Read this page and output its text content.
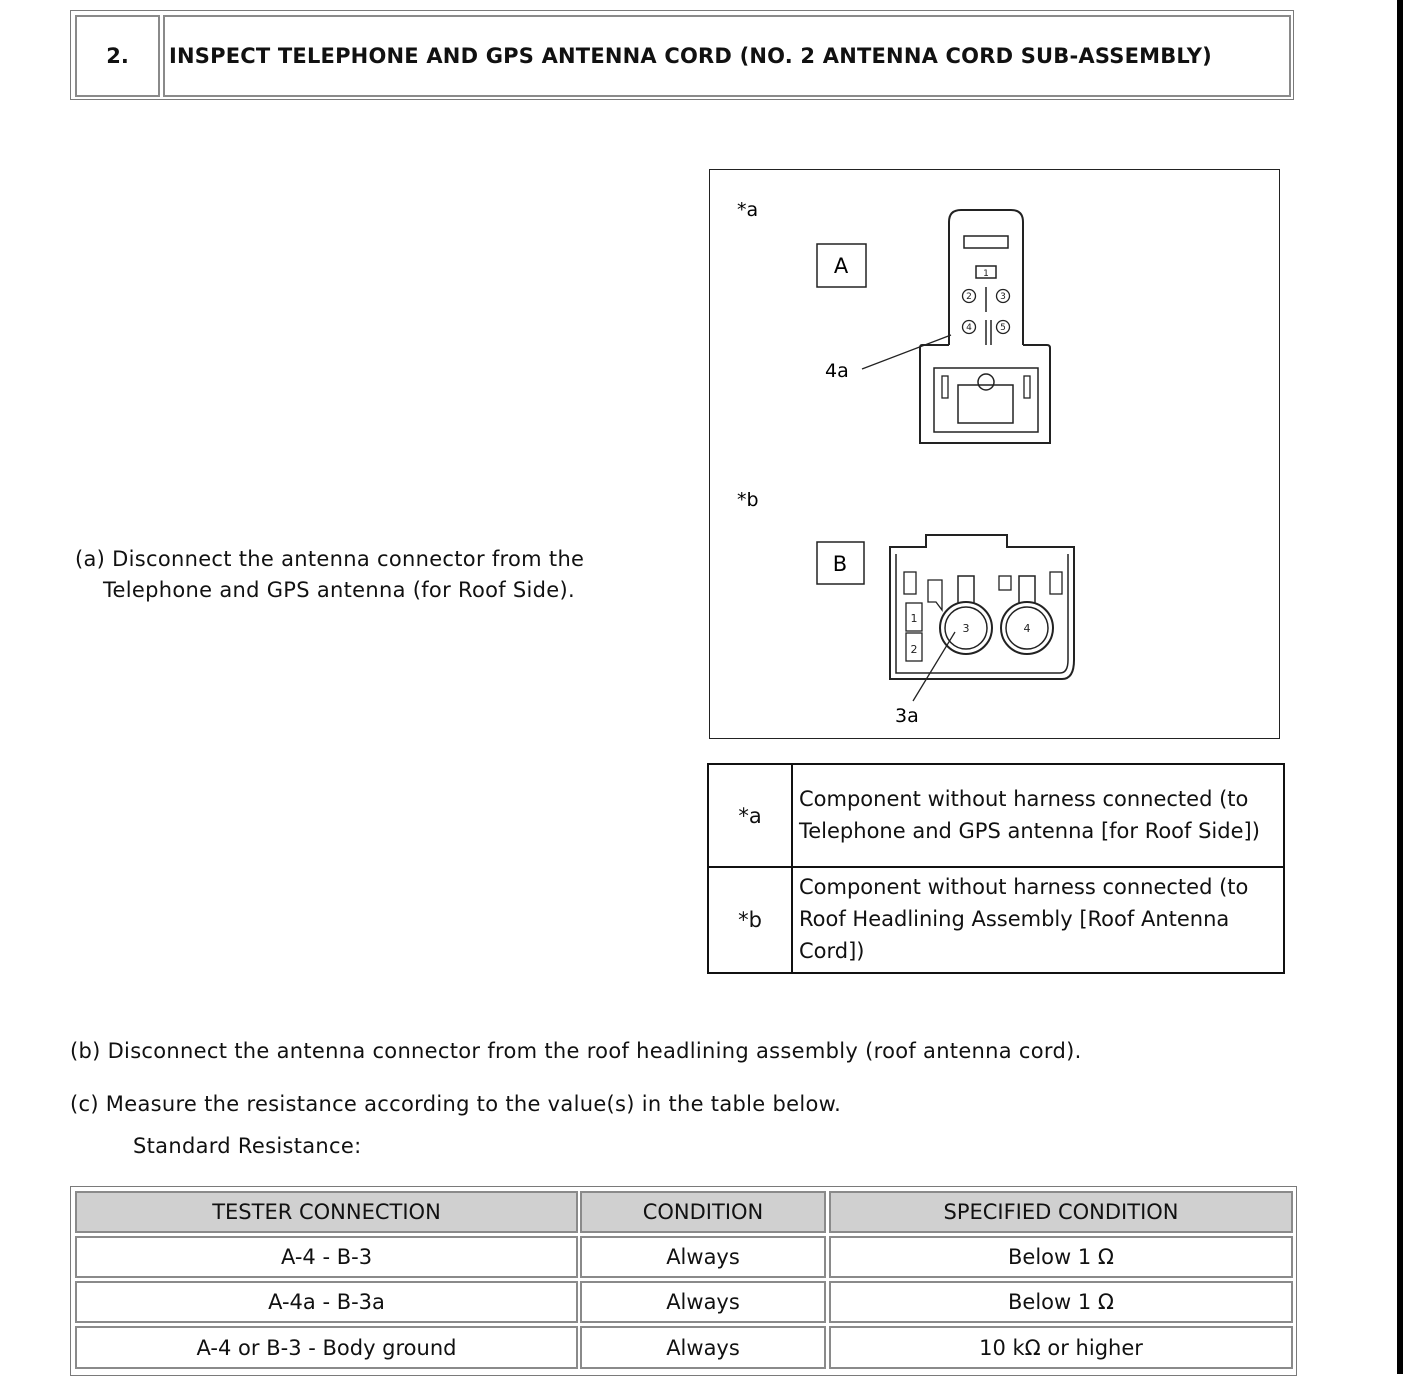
2.	INSPECT TELEPHONE AND GPS ANTENNA CORD (NO. 2 ANTENNA CORD SUB-ASSEMBLY)
(a) Disconnect the antenna connector from the
Telephone and GPS antenna (for Roof Side).
*a
*b
A	1
2	3
4	5
4a
B
1
2
3	4
3a
*a	Component without harness connected (to Telephone and GPS antenna [for Roof Side])
*b	Component without harness connected (to Roof Headlining Assembly [Roof Antenna Cord])
(b) Disconnect the antenna connector from the roof headlining assembly (roof antenna cord).
(c) Measure the resistance according to the value(s) in the table below.
Standard Resistance:
TESTER CONNECTION	CONDITION	SPECIFIED CONDITION
A-4 - B-3	Always	Below 1 Ω
A-4a - B-3a	Always	Below 1 Ω
A-4 or B-3 - Body ground	Always	10 kΩ or higher
